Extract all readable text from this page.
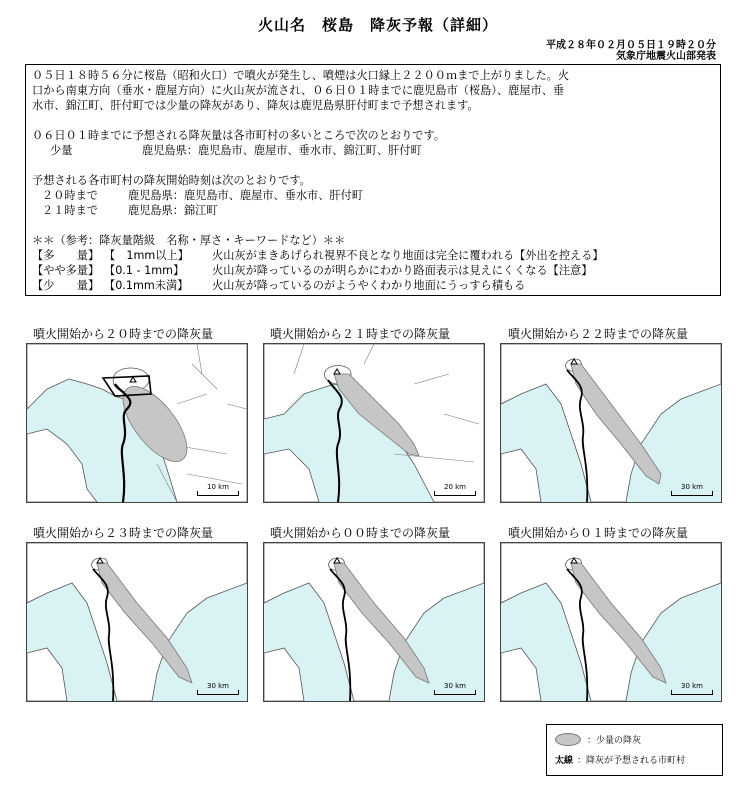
火山名　桜島　降灰予報（詳細）
平成２８年０２月０５日１９時２０分
気象庁地震火山部発表

０５日１８時５６分に桜島（昭和火口）で噴火が発生し、噴煙は火口縁上２２００ｍまで上がりました。火

口から南東方向（垂水・鹿屋方向）に火山灰が流され、０６日０１時までに鹿児島市（桜島）、鹿屋市、垂

水市、錦江町、肝付町では少量の降灰があり、降灰は鹿児島県肝付町まで予想されます。

０６日０１時までに予想される降灰量は各市町村の多いところで次のとおりです。

少量	鹿児島県：鹿児島市、鹿屋市、垂水市、錦江町、肝付町

予想される各市町村の降灰開始時刻は次のとおりです。

２０時まで	鹿児島県：鹿児島市、鹿屋市、垂水市、肝付町
２１時まで	鹿児島県：錦江町

＊＊（参考：降灰量階級　名称・厚さ・キーワードなど）＊＊

【多　　量】 【　1mm以上】	火山灰がまきあげられ視界不良となり地面は完全に覆われる【外出を控える】
【やや多量】 【0.1 - 1mm】	火山灰が降っているのが明らかにわかり路面表示は見えにくくなる【注意】
【少　　量】 【0.1mm未満】	火山灰が降っているのがようやくわかり地面にうっすら積もる
噴火開始から２０時までの降灰量
10 km
噴火開始から２１時までの降灰量
20 km
噴火開始から２２時までの降灰量
30 km
噴火開始から２３時までの降灰量
30 km
噴火開始から００時までの降灰量
30 km
噴火開始から０１時までの降灰量
30 km
：少量の降灰
太線 ：降灰が予想される市町村
